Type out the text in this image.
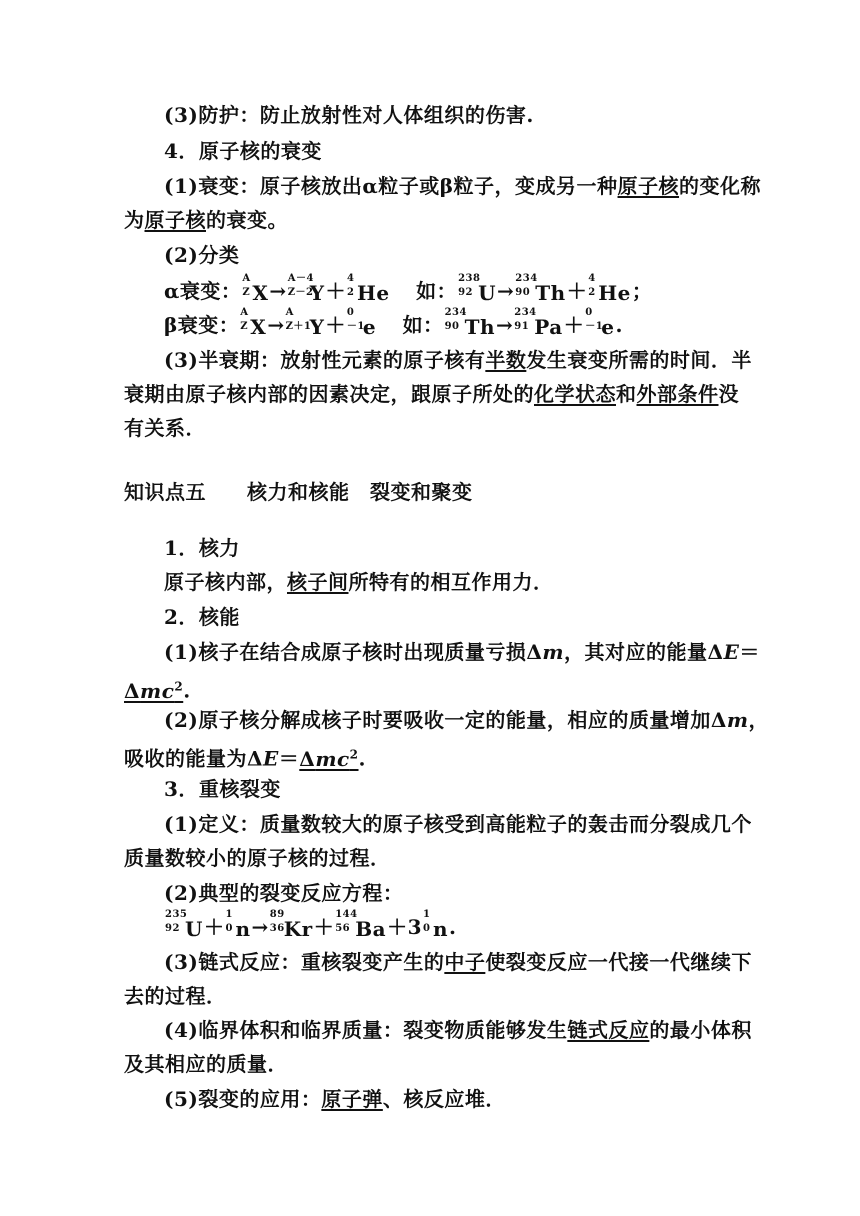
(3)防护：防止放射性对人体组织的伤害.
4．原子核的衰变
(1)衰变：原子核放出α粒子或β粒子，变成另一种原子核的变化称
为原子核的衰变。
(2)分类
α衰变：
A
Z X→
A－4
Z－2
Y＋
4
2 He 如：
238
92 U→
234
90 Th＋
4
2 He；
β衰变：
A
Z X→
A
Z＋1
Y＋
0
－1
e 如：
234
90 Th→
234
91 Pa＋
0
－1
e.
(3)半衰期：放射性元素的原子核有半数发生衰变所需的时间．半
衰期由原子核内部的因素决定，跟原子所处的化学状态和外部条件没
有关系．
知识点五　　核力和核能　裂变和聚变
1．核力
原子核内部，核子间所特有的相互作用力．
2．核能
(1)核子在结合成原子核时出现质量亏损Δm，其对应的能量ΔE＝
Δmc$^2$.
(2)原子核分解成核子时要吸收一定的能量，相应的质量增加Δm，
吸收的能量为ΔE＝Δmc$^2$.
3．重核裂变
(1)定义：质量数较大的原子核受到高能粒子的轰击而分裂成几个
质量数较小的原子核的过程．
(2)典型的裂变反应方程：
235
92 U＋
1
0 n→
89
36 Kr＋
144
56 Ba＋3
1
0 n.
(3)链式反应：重核裂变产生的中子使裂变反应一代接一代继续下
去的过程．
(4)临界体积和临界质量：裂变物质能够发生链式反应的最小体积
及其相应的质量．
(5)裂变的应用：原子弹、核反应堆．
